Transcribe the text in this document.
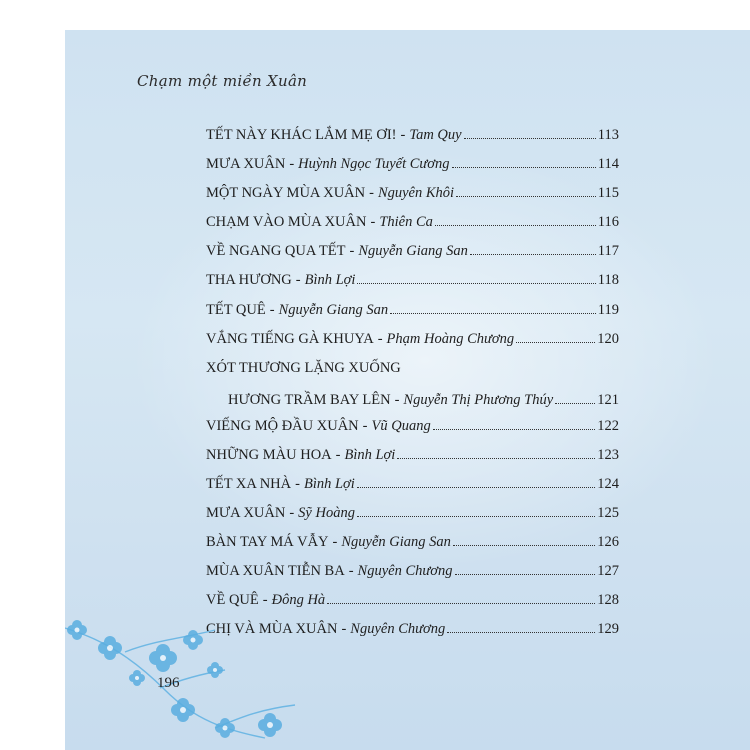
Chạm một miền Xuân
TẾT NÀY KHÁC LẮM MẸ ƠI! - Tam Quy	113
MƯA XUÂN - Huỳnh Ngọc Tuyết Cương	114
MỘT NGÀY MÙA XUÂN - Nguyên Khôi	115
CHẠM VÀO MÙA XUÂN - Thiên Ca	116
VỀ NGANG QUA TẾT - Nguyễn Giang San	117
THA HƯƠNG - Bình Lợi	118
TẾT QUÊ - Nguyễn Giang San	119
VẮNG TIẾNG GÀ KHUYA - Phạm Hoàng Chương	120
XÓT THƯƠNG LẶNG XUỐNG
HƯƠNG TRẦM BAY LÊN - Nguyễn Thị Phương Thúy	121
VIẾNG MỘ ĐẦU XUÂN - Vũ Quang	122
NHỮNG MÀU HOA - Bình Lợi	123
TẾT XA NHÀ - Bình Lợi	124
MƯA XUÂN - Sỹ Hoàng	125
BÀN TAY MÁ VẪY - Nguyễn Giang San	126
MÙA XUÂN TIỄN BA - Nguyên Chương	127
VỀ QUÊ - Đông Hà	128
CHỊ VÀ MÙA XUÂN - Nguyên Chương	129
196
